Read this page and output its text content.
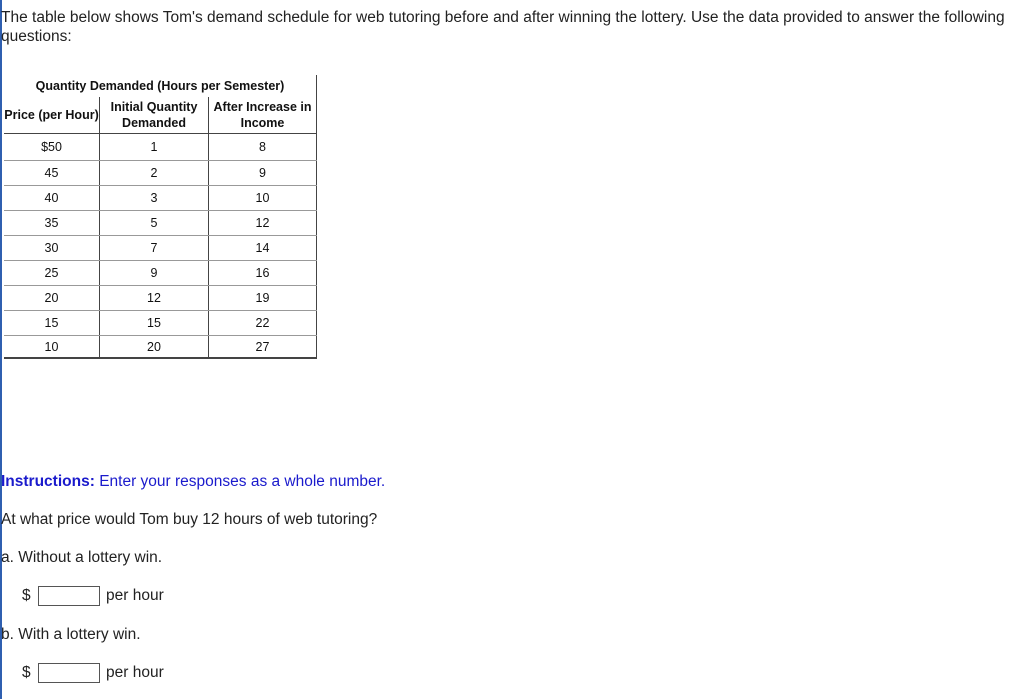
The table below shows Tom's demand schedule for web tutoring before and after winning the lottery. Use the data provided to answer the following questions:
Quantity Demanded (Hours per Semester)		
Price (per Hour)	Initial Quantity Demanded	After Increase in Income
$50	1	8
45	2	9
40	3	10
35	5	12
30	7	14
25	9	16
20	12	19
15	15	22
10	20	27
Instructions: Enter your responses as a whole number.
At what price would Tom buy 12 hours of web tutoring?
a. Without a lottery win.
$	per hour
b. With a lottery win.
$	per hour
